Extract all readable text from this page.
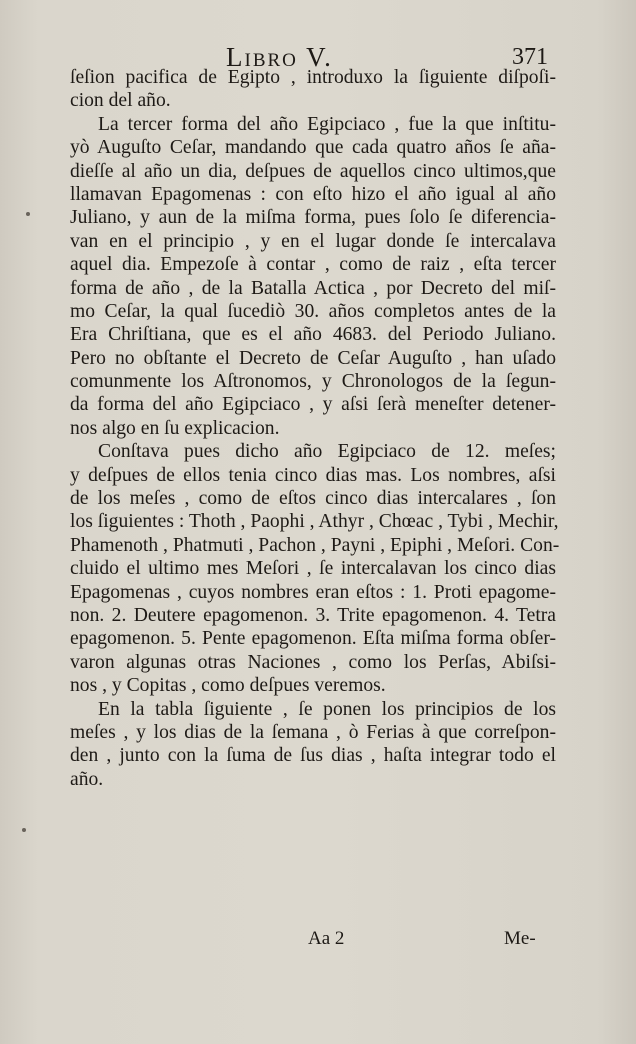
Libro V.	371
ſeſion pacifica de Egipto , introduxo la ſiguiente diſpoſi-
cion del año.
La tercer forma del año Egipciaco , fue la que inſtitu-
yò Auguſto Ceſar, mandando que cada quatro años ſe aña-
dieſſe al año un dia, deſpues de aquellos cinco ultimos,que
llamavan Epagomenas : con eſto hizo el año igual al año
Juliano, y aun de la miſma forma, pues ſolo ſe diferencia-
van en el principio , y en el lugar donde ſe intercalava
aquel dia. Empezoſe à contar , como de raiz , eſta tercer
forma de año , de la Batalla Actica , por Decreto del miſ-
mo Ceſar, la qual ſucediò 30. años completos antes de la
Era Chriſtiana, que es el año 4683. del Periodo Juliano.
Pero no obſtante el Decreto de Ceſar Auguſto , han uſado
comunmente los Aſtronomos, y Chronologos de la ſegun-
da forma del año Egipciaco , y aſsi ſerà meneſter detener-
nos algo en ſu explicacion.
Conſtava pues dicho año Egipciaco de 12. meſes;
y deſpues de ellos tenia cinco dias mas. Los nombres, aſsi
de los meſes , como de eſtos cinco dias intercalares , ſon
los ſiguientes : Thoth , Paophi , Athyr , Chœac , Tybi , Mechir,
Phamenoth , Phatmuti , Pachon , Payni , Epiphi , Meſori. Con-
cluido el ultimo mes Meſori , ſe intercalavan los cinco dias
Epagomenas , cuyos nombres eran eſtos : 1. Proti epagome-
non. 2. Deutere epagomenon. 3. Trite epagomenon. 4. Tetra
epagomenon. 5. Pente epagomenon. Eſta miſma forma obſer-
varon algunas otras Naciones , como los Perſas, Abiſsi-
nos , y Copitas , como deſpues veremos.
En la tabla ſiguiente , ſe ponen los principios de los
meſes , y los dias de la ſemana , ò Ferias à que correſpon-
den , junto con la ſuma de ſus dias , haſta integrar todo el
año.
Aa 2	Me-
